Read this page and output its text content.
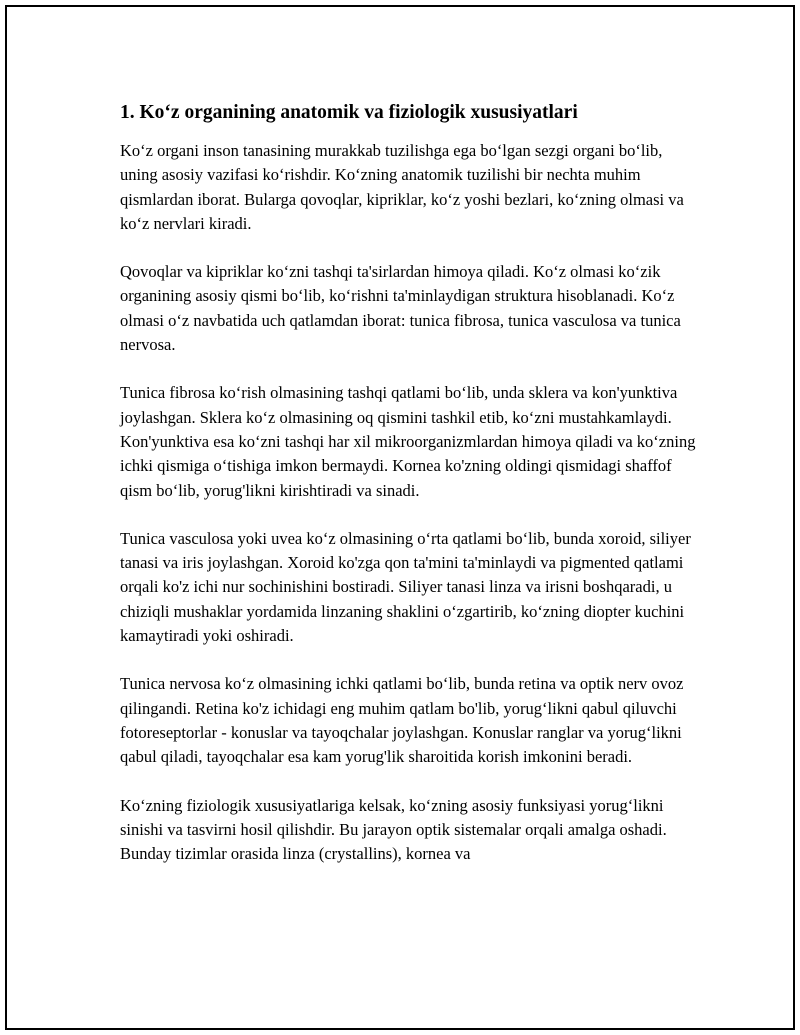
1. Ko‘z organining anatomik va fiziologik xususiyatlari

Ko‘z organi inson tanasining murakkab tuzilishga ega bo‘lgan sezgi organi bo‘lib, uning asosiy vazifasi ko‘rishdir. Ko‘zning anatomik tuzilishi bir nechta muhim qismlardan iborat. Bularga qovoqlar, kipriklar, ko‘z yoshi bezlari, ko‘zning olmasi va ko‘z nervlari kiradi.

Qovoqlar va kipriklar ko‘zni tashqi ta'sirlardan himoya qiladi. Ko‘z olmasi ko‘zik organining asosiy qismi bo‘lib, ko‘rishni ta'minlaydigan struktura hisoblanadi. Ko‘z olmasi o‘z navbatida uch qatlamdan iborat: tunica fibrosa, tunica vasculosa va tunica nervosa.

Tunica fibrosa ko‘rish olmasining tashqi qatlami bo‘lib, unda sklera va kon'yunktiva joylashgan. Sklera ko‘z olmasining oq qismini tashkil etib, ko‘zni mustahkamlaydi. Kon'yunktiva esa ko‘zni tashqi har xil mikroorganizmlardan himoya qiladi va ko‘zning ichki qismiga o‘tishiga imkon bermaydi. Kornea ko'zning oldingi qismidagi shaffof qism bo‘lib, yorug'likni kirishtiradi va sinadi.

Tunica vasculosa yoki uvea ko‘z olmasining o‘rta qatlami bo‘lib, bunda xoroid, siliyer tanasi va iris joylashgan. Xoroid ko'zga qon ta'mini ta'minlaydi va pigmented qatlami orqali ko'z ichi nur sochinishini bostiradi. Siliyer tanasi linza va irisni boshqaradi, u chiziqli mushaklar yordamida linzaning shaklini o‘zgartirib, ko‘zning diopter kuchini kamaytiradi yoki oshiradi.

Tunica nervosa ko‘z olmasining ichki qatlami bo‘lib, bunda retina va optik nerv ovoz qilingandi. Retina ko'z ichidagi eng muhim qatlam bo'lib, yorug‘likni qabul qiluvchi fotoreseptorlar - konuslar va tayoqchalar joylashgan. Konuslar ranglar va yorug‘likni qabul qiladi, tayoqchalar esa kam yorug'lik sharoitida korish imkonini beradi.

Ko‘zning fiziologik xususiyatlariga kelsak, ko‘zning asosiy funksiyasi yorug‘likni sinishi va tasvirni hosil qilishdir. Bu jarayon optik sistemalar orqali amalga oshadi. Bunday tizimlar orasida linza (crystallins), kornea va
